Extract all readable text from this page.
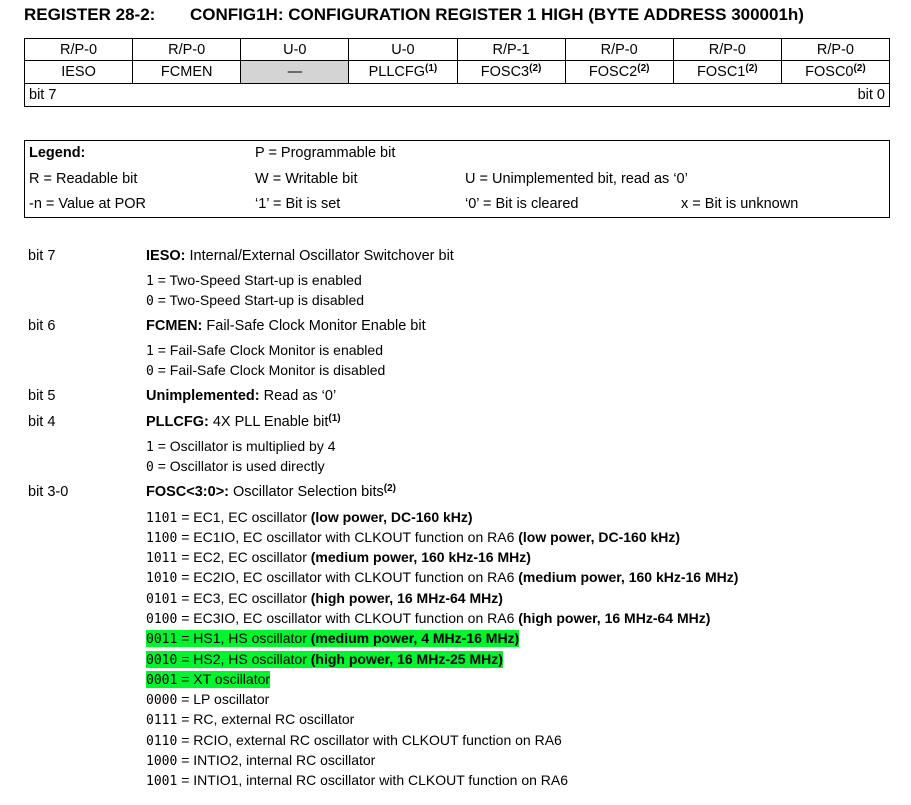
REGISTER 28-2: CONFIG1H: CONFIGURATION REGISTER 1 HIGH (BYTE ADDRESS 300001h)
R/P-0	R/P-0	U-0	U-0	R/P-1	R/P-0	R/P-0	R/P-0
IESO	FCMEN	—	PLLCFG$^{(1)}$	FOSC3$^{(2)}$	FOSC2$^{(2)}$	FOSC1$^{(2)}$	FOSC0$^{(2)}$
bit 7				bit 0			
Legend:	P = Programmable bit
R = Readable bit	W = Writable bit	U = Unimplemented bit, read as ‘0’
-n = Value at POR	‘1’ = Bit is set	‘0’ = Bit is cleared	x = Bit is unknown
bit 7	IESO: Internal/External Oscillator Switchover bit
1 = Two-Speed Start-up is enabled
0 = Two-Speed Start-up is disabled
bit 6	FCMEN: Fail-Safe Clock Monitor Enable bit
1 = Fail-Safe Clock Monitor is enabled
0 = Fail-Safe Clock Monitor is disabled
bit 5	Unimplemented: Read as ‘0’
bit 4	PLLCFG: 4X PLL Enable bit$^{(1)}$
1 = Oscillator is multiplied by 4
0 = Oscillator is used directly
bit 3-0	FOSC<3:0>: Oscillator Selection bits$^{(2)}$
1101 = EC1, EC oscillator (low power, DC-160 kHz)
1100 = EC1IO, EC oscillator with CLKOUT function on RA6 (low power, DC-160 kHz)
1011 = EC2, EC oscillator (medium power, 160 kHz-16 MHz)
1010 = EC2IO, EC oscillator with CLKOUT function on RA6 (medium power, 160 kHz-16 MHz)
0101 = EC3, EC oscillator (high power, 16 MHz-64 MHz)
0100 = EC3IO, EC oscillator with CLKOUT function on RA6 (high power, 16 MHz-64 MHz)
0011 = HS1, HS oscillator (medium power, 4 MHz-16 MHz)
0010 = HS2, HS oscillator (high power, 16 MHz-25 MHz)
0001 = XT oscillator
0000 = LP oscillator
0111 = RC, external RC oscillator
0110 = RCIO, external RC oscillator with CLKOUT function on RA6
1000 = INTIO2, internal RC oscillator
1001 = INTIO1, internal RC oscillator with CLKOUT function on RA6
